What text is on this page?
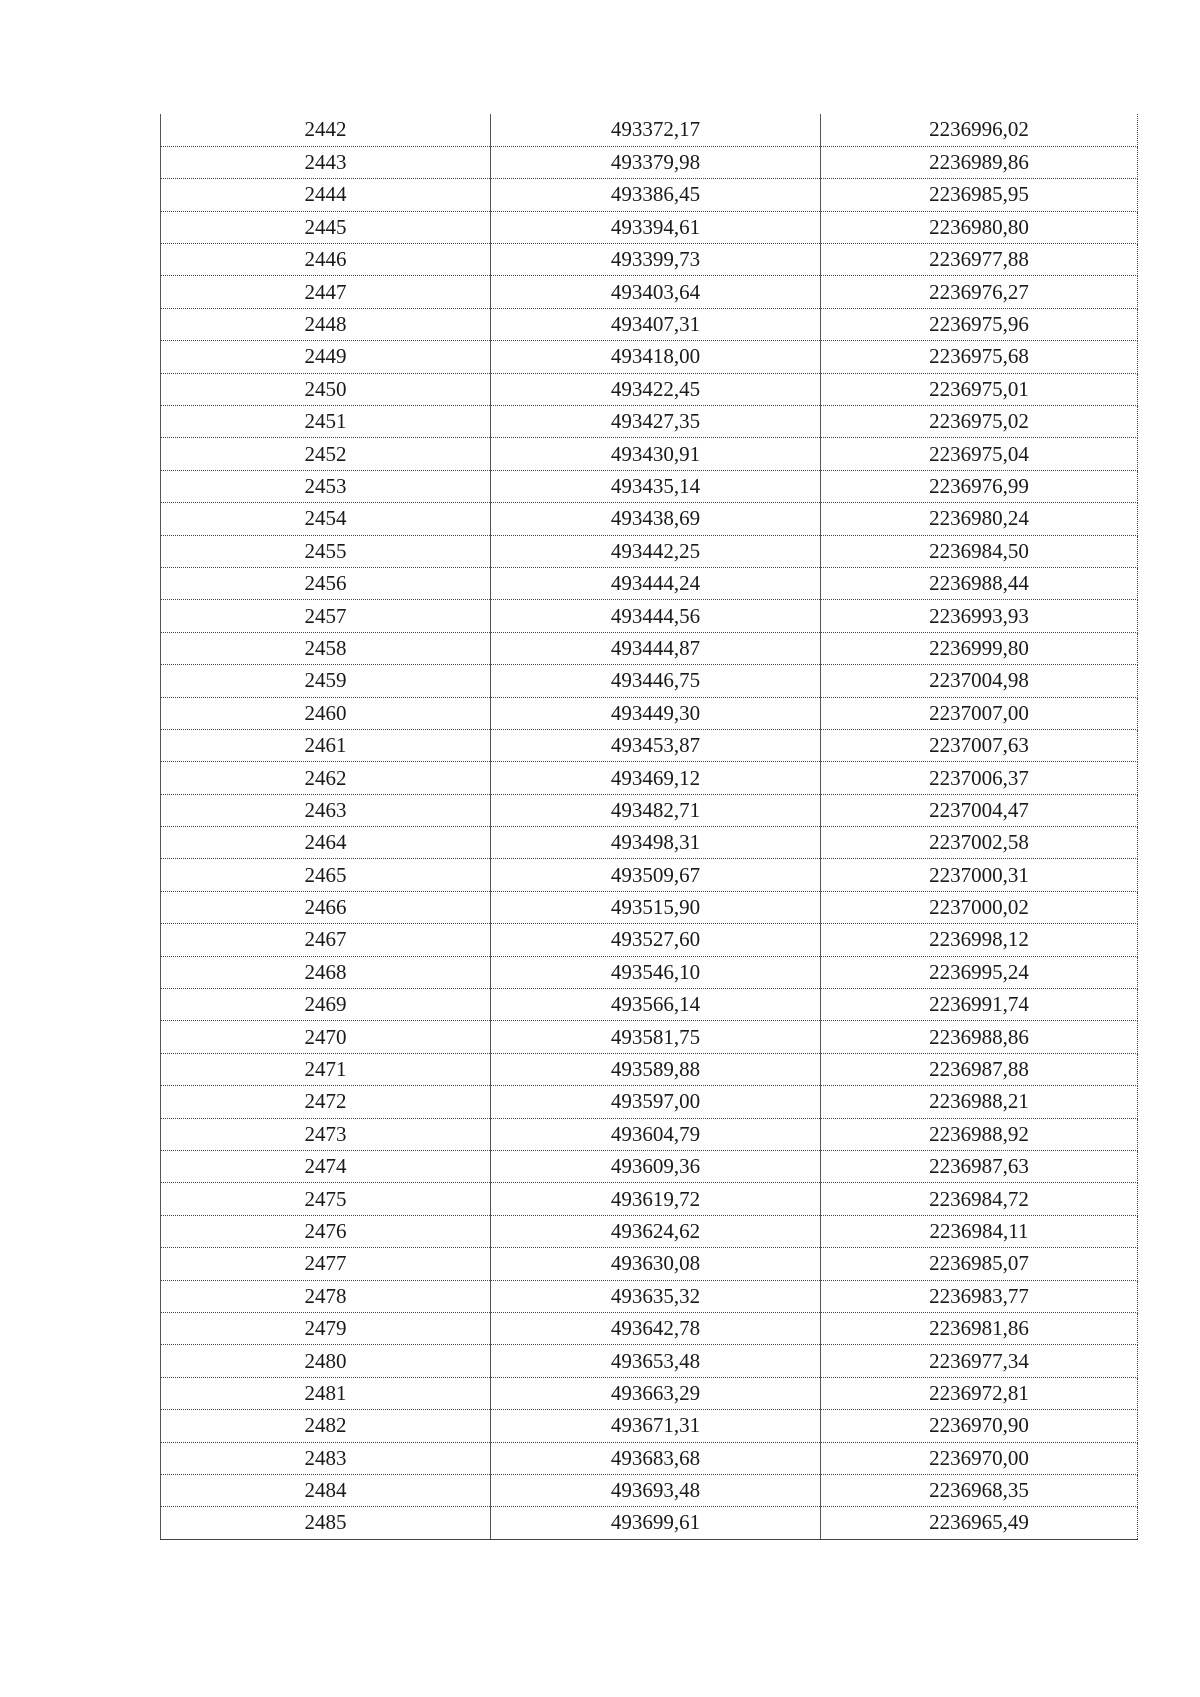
2442	493372,17	2236996,02
2443	493379,98	2236989,86
2444	493386,45	2236985,95
2445	493394,61	2236980,80
2446	493399,73	2236977,88
2447	493403,64	2236976,27
2448	493407,31	2236975,96
2449	493418,00	2236975,68
2450	493422,45	2236975,01
2451	493427,35	2236975,02
2452	493430,91	2236975,04
2453	493435,14	2236976,99
2454	493438,69	2236980,24
2455	493442,25	2236984,50
2456	493444,24	2236988,44
2457	493444,56	2236993,93
2458	493444,87	2236999,80
2459	493446,75	2237004,98
2460	493449,30	2237007,00
2461	493453,87	2237007,63
2462	493469,12	2237006,37
2463	493482,71	2237004,47
2464	493498,31	2237002,58
2465	493509,67	2237000,31
2466	493515,90	2237000,02
2467	493527,60	2236998,12
2468	493546,10	2236995,24
2469	493566,14	2236991,74
2470	493581,75	2236988,86
2471	493589,88	2236987,88
2472	493597,00	2236988,21
2473	493604,79	2236988,92
2474	493609,36	2236987,63
2475	493619,72	2236984,72
2476	493624,62	2236984,11
2477	493630,08	2236985,07
2478	493635,32	2236983,77
2479	493642,78	2236981,86
2480	493653,48	2236977,34
2481	493663,29	2236972,81
2482	493671,31	2236970,90
2483	493683,68	2236970,00
2484	493693,48	2236968,35
2485	493699,61	2236965,49
